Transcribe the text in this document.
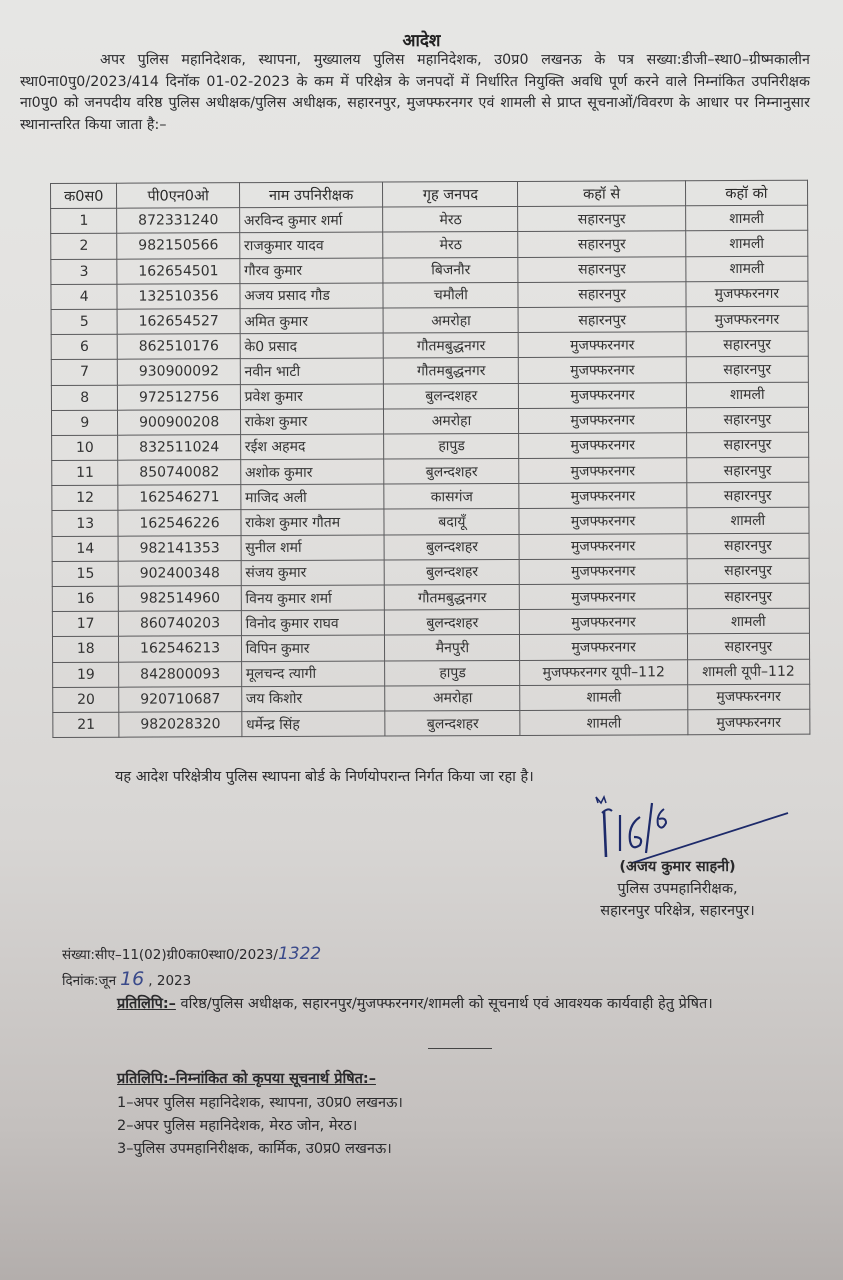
आदेश
अपर पुलिस महानिदेशक, स्थापना, मुख्यालय पुलिस महानिदेशक, उ0प्र0 लखनऊ के पत्र सख्या:डीजी–स्था0–ग्रीष्मकालीन स्था0ना0पु0/2023/414 दिनॉक 01-02-2023 के कम में परिक्षेत्र के जनपदों में निर्धारित नियुक्ति अवधि पूर्ण करने वाले निम्नांकित उपनिरीक्षक ना0पु0 को जनपदीय वरिष्ठ पुलिस अधीक्षक/पुलिस अधीक्षक, सहारनपुर, मुजफ्फरनगर एवं शामली से प्राप्त सूचनाओं/विवरण के आधार पर निम्नानुसार स्थानान्तरित किया जाता है:–
क0स0	पी0एन0ओ	नाम उपनिरीक्षक	गृह जनपद	कहॉ से	कहॉ को
1	872331240	अरविन्द कुमार शर्मा	मेरठ	सहारनपुर	शामली
2	982150566	राजकुमार यादव	मेरठ	सहारनपुर	शामली
3	162654501	गौरव कुमार	बिजनौर	सहारनपुर	शामली
4	132510356	अजय प्रसाद गौड	चमौली	सहारनपुर	मुजफ्फरनगर
5	162654527	अमित कुमार	अमरोहा	सहारनपुर	मुजफ्फरनगर
6	862510176	के0 प्रसाद	गौतमबुद्धनगर	मुजफ्फरनगर	सहारनपुर
7	930900092	नवीन भाटी	गौतमबुद्धनगर	मुजफ्फरनगर	सहारनपुर
8	972512756	प्रवेश कुमार	बुलन्दशहर	मुजफ्फरनगर	शामली
9	900900208	राकेश कुमार	अमरोहा	मुजफ्फरनगर	सहारनपुर
10	832511024	रईश अहमद	हापुड	मुजफ्फरनगर	सहारनपुर
11	850740082	अशोक कुमार	बुलन्दशहर	मुजफ्फरनगर	सहारनपुर
12	162546271	माजिद अली	कासगंज	मुजफ्फरनगर	सहारनपुर
13	162546226	राकेश कुमार गौतम	बदायूँ	मुजफ्फरनगर	शामली
14	982141353	सुनील शर्मा	बुलन्दशहर	मुजफ्फरनगर	सहारनपुर
15	902400348	संजय कुमार	बुलन्दशहर	मुजफ्फरनगर	सहारनपुर
16	982514960	विनय कुमार शर्मा	गौतमबुद्धनगर	मुजफ्फरनगर	सहारनपुर
17	860740203	विनोद कुमार राघव	बुलन्दशहर	मुजफ्फरनगर	शामली
18	162546213	विपिन कुमार	मैनपुरी	मुजफ्फरनगर	सहारनपुर
19	842800093	मूलचन्द त्यागी	हापुड	मुजफ्फरनगर यूपी–112	शामली यूपी–112
20	920710687	जय किशोर	अमरोहा	शामली	मुजफ्फरनगर
21	982028320	धर्मेन्द्र सिंह	बुलन्दशहर	शामली	मुजफ्फरनगर
यह आदेश परिक्षेत्रीय पुलिस स्थापना बोर्ड के निर्णयोपरान्त निर्गत किया जा रहा है।
(अजय कुमार साहनी)
पुलिस उपमहानिरीक्षक,
सहारनपुर परिक्षेत्र, सहारनपुर।
संख्या:सीए–11(02)ग्री0का0स्था0/2023/1322
दिनांक:जून 16 , 2023
प्रतिलिपि:– वरिष्ठ/पुलिस अधीक्षक, सहारनपुर/मुजफ्फरनगर/शामली को सूचनार्थ एवं आवश्यक कार्यवाही हेतु प्रेषित।
प्रतिलिपि:–निम्नांकित को कृपया सूचनार्थ प्रेषित:–
1–अपर पुलिस महानिदेशक, स्थापना, उ0प्र0 लखनऊ।
2–अपर पुलिस महानिदेशक, मेरठ जोन, मेरठ।
3–पुलिस उपमहानिरीक्षक, कार्मिक, उ0प्र0 लखनऊ।
